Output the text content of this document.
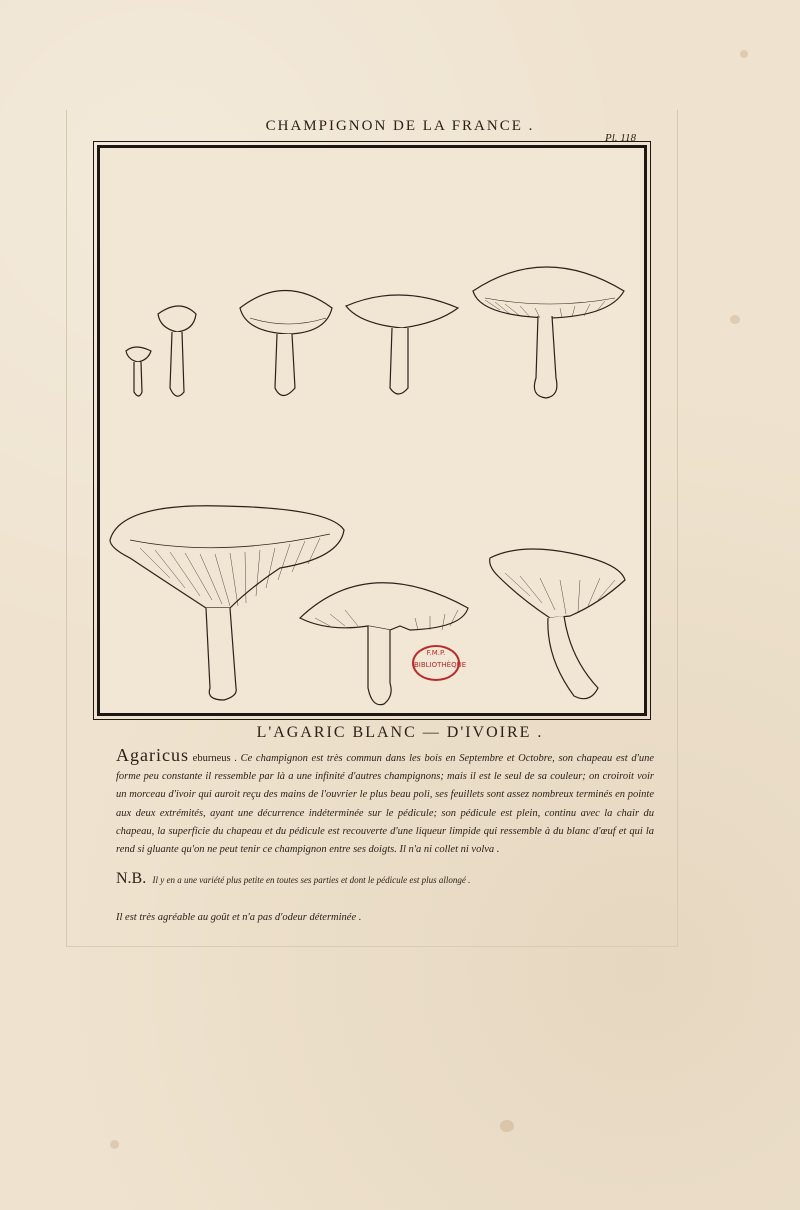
CHAMPIGNON DE LA FRANCE .
Pl. 118
F.M.P. BIBLIOTHÈQUE
L'AGARIC BLANC — D'IVOIRE .
Agaricus eburneus . Ce champignon est très commun dans les bois en Septembre et Octobre, son chapeau est d'une forme peu constante il ressemble par là a une infinité d'autres champignons; mais il est le seul de sa couleur; on croiroit voir un morceau d'ivoir qui auroit reçu des mains de l'ouvrier le plus beau poli, ses feuillets sont assez nombreux terminés en pointe aux deux extrémités, ayant une décurrence indéterminée sur le pédicule; son pédicule est plein, continu avec la chair du chapeau, la superficie du chapeau et du pédicule est recouverte d'une liqueur limpide qui ressemble à du blanc d'œuf et qui la rend si gluante qu'on ne peut tenir ce champignon entre ses doigts. Il n'a ni collet ni volva .
N.B. Il y en a une variété plus petite en toutes ses parties et dont le pédicule est plus allongé .
Il est très agréable au goût et n'a pas d'odeur déterminée .
